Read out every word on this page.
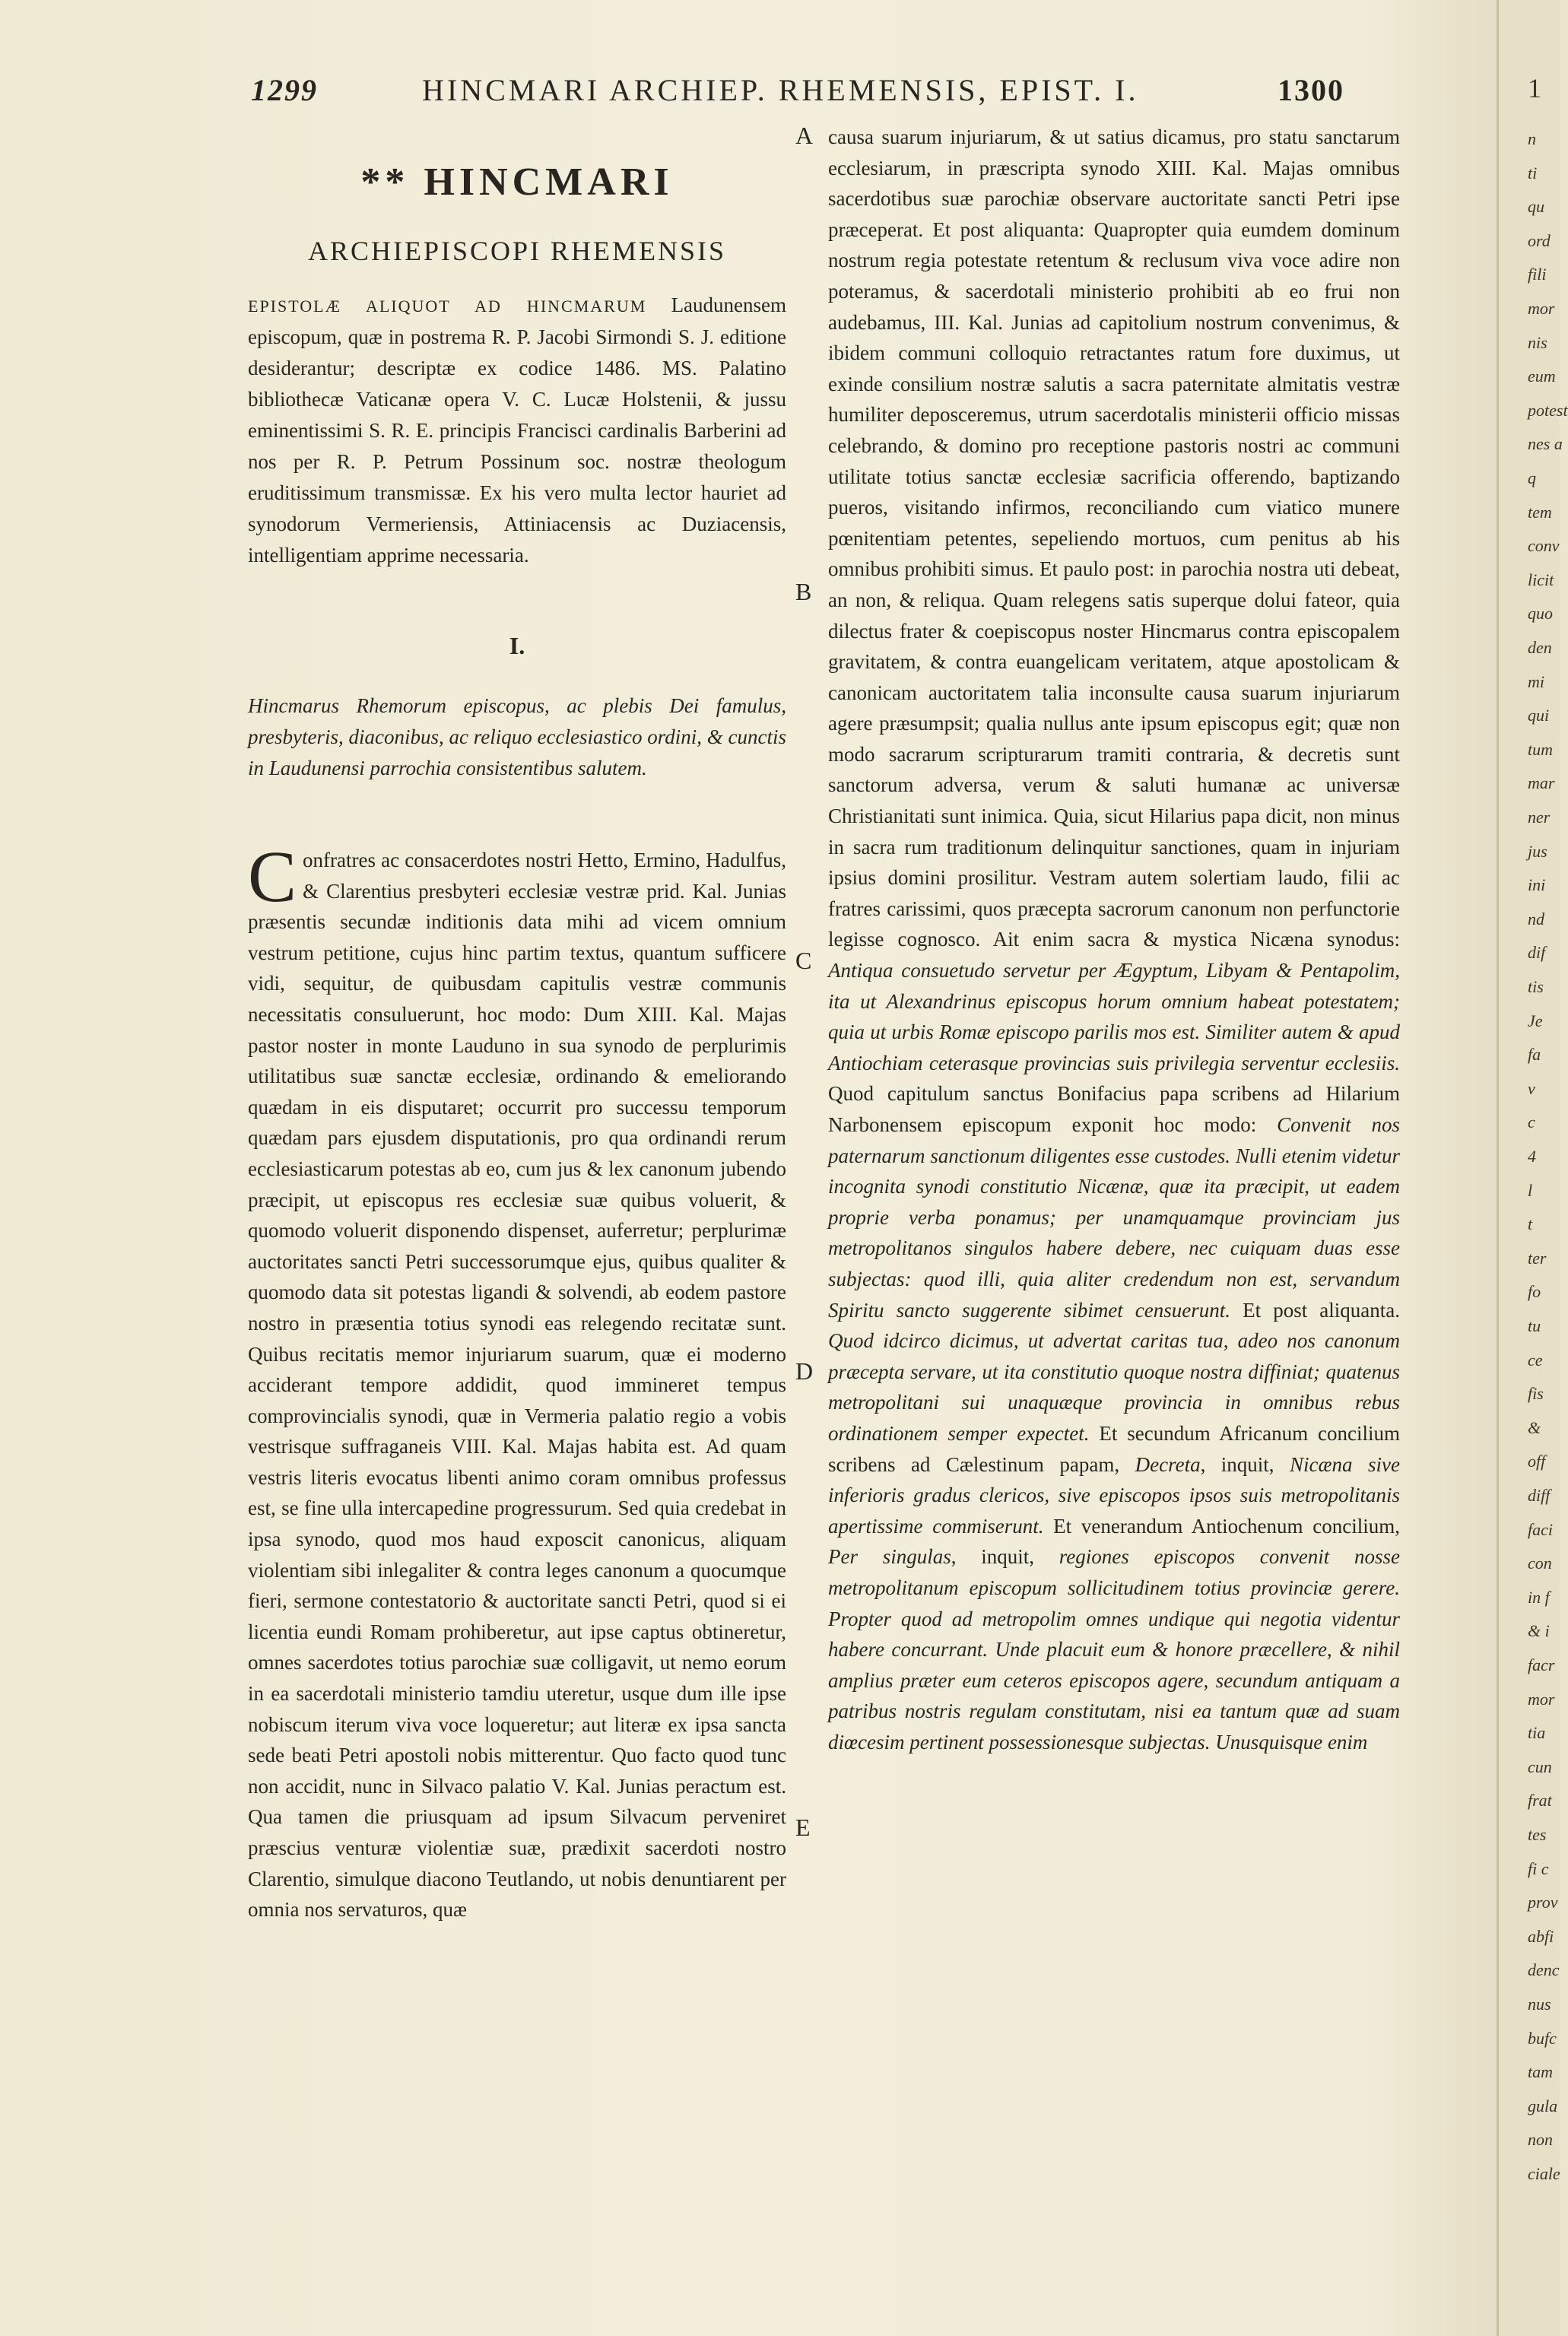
1299	HINCMARI ARCHIEP. RHEMENSIS, EPIST. I.	1300
** HINCMARI
ARCHIEPISCOPI RHEMENSIS

EPISTOLÆ ALIQUOT AD HINCMARUM Laudunensem episcopum, quæ in postrema R. P. Jacobi Sirmondi S. J. editione desiderantur; descriptæ ex codice 1486. MS. Palatino bibliothecæ Vaticanæ opera V. C. Lucæ Holstenii, & jussu eminentissimi S. R. E. principis Francisci cardinalis Barberini ad nos per R. P. Petrum Possinum soc. nostræ theologum eruditissimum transmissæ. Ex his vero multa lector hauriet ad synodorum Vermeriensis, Attiniacensis ac Duziacensis, intelligentiam apprime necessaria.

I.

Hincmarus Rhemorum episcopus, ac plebis Dei famulus, presbyteris, diaconibus, ac reliquo ecclesiastico ordini, & cunctis in Laudunensi parrochia consistentibus salutem.

C onfratres ac consacerdotes nostri Hetto, Ermino, Hadulfus, & Clarentius presbyteri ecclesiæ vestræ prid. Kal. Junias præsentis secundæ inditionis data mihi ad vicem omnium vestrum petitione, cujus hinc partim textus, quantum sufficere vidi, sequitur, de quibusdam capitulis vestræ communis necessitatis consuluerunt, hoc modo: Dum XIII. Kal. Majas pastor noster in monte Lauduno in sua synodo de perplurimis utilitatibus suæ sanctæ ecclesiæ, ordinando & emeliorando quædam in eis disputaret; occurrit pro successu temporum quædam pars ejusdem disputationis, pro qua ordinandi rerum ecclesiasticarum potestas ab eo, cum jus & lex canonum jubendo præcipit, ut episcopus res ecclesiæ suæ quibus voluerit, & quomodo voluerit disponendo dispenset, auferretur; perplurimæ auctoritates sancti Petri successorumque ejus, quibus qualiter & quomodo data sit potestas ligandi & solvendi, ab eodem pastore nostro in præsentia totius synodi eas relegendo recitatæ sunt. Quibus recitatis memor injuriarum suarum, quæ ei moderno acciderant tempore addidit, quod immineret tempus comprovincialis synodi, quæ in Vermeria palatio regio a vobis vestrisque suffraganeis VIII. Kal. Majas habita est. Ad quam vestris literis evocatus libenti animo coram omnibus professus est, se fine ulla intercapedine progressurum. Sed quia credebat in ipsa synodo, quod mos haud exposcit canonicus, aliquam violentiam sibi inlegaliter & contra leges canonum a quocumque fieri, sermone contestatorio & auctoritate sancti Petri, quod si ei licentia eundi Romam prohiberetur, aut ipse captus obtineretur, omnes sacerdotes totius parochiæ suæ colligavit, ut nemo eorum in ea sacerdotali ministerio tamdiu uteretur, usque dum ille ipse nobiscum iterum viva voce loqueretur; aut literæ ex ipsa sancta sede beati Petri apostoli nobis mitterentur. Quo facto quod tunc non accidit, nunc in Silvaco palatio V. Kal. Junias peractum est. Qua tamen die priusquam ad ipsum Silvacum perveniret præscius venturæ violentiæ suæ, prædixit sacerdoti nostro Clarentio, simulque diacono Teutlando, ut nobis denuntiarent per omnia nos servaturos, quæ

A
B
C
D
E

causa suarum injuriarum, & ut satius dicamus, pro statu sanctarum ecclesiarum, in præscripta synodo XIII. Kal. Majas omnibus sacerdotibus suæ parochiæ observare auctoritate sancti Petri ipse præceperat. Et post aliquanta: Quapropter quia eumdem dominum nostrum regia potestate retentum & reclusum viva voce adire non poteramus, & sacerdotali ministerio prohibiti ab eo frui non audebamus, III. Kal. Junias ad capitolium nostrum convenimus, & ibidem communi colloquio retractantes ratum fore duximus, ut exinde consilium nostræ salutis a sacra paternitate almitatis vestræ humiliter deposceremus, utrum sacerdotalis ministerii officio missas celebrando, & domino pro receptione pastoris nostri ac communi utilitate totius sanctæ ecclesiæ sacrificia offerendo, baptizando pueros, visitando infirmos, reconciliando cum viatico munere pœnitentiam petentes, sepeliendo mortuos, cum penitus ab his omnibus prohibiti simus. Et paulo post: in parochia nostra uti debeat, an non, & reliqua. Quam relegens satis superque dolui fateor, quia dilectus frater & coepiscopus noster Hincmarus contra episcopalem gravitatem, & contra euangelicam veritatem, atque apostolicam & canonicam auctoritatem talia inconsulte causa suarum injuriarum agere præsumpsit; qualia nullus ante ipsum episcopus egit; quæ non modo sacrarum scripturarum tramiti contraria, & decretis sunt sanctorum adversa, verum & saluti humanæ ac universæ Christianitati sunt inimica. Quia, sicut Hilarius papa dicit, non minus in sacra rum traditionum delinquitur sanctiones, quam in injuriam ipsius domini prosilitur. Vestram autem solertiam laudo, filii ac fratres carissimi, quos præcepta sacrorum canonum non perfunctorie legisse cognosco. Ait enim sacra & mystica Nicæna synodus: Antiqua consuetudo servetur per Ægyptum, Libyam & Pentapolim, ita ut Alexandrinus episcopus horum omnium habeat potestatem; quia ut urbis Romæ episcopo parilis mos est. Similiter autem & apud Antiochiam ceterasque provincias suis privilegia serventur ecclesiis. Quod capitulum sanctus Bonifacius papa scribens ad Hilarium Narbonensem episcopum exponit hoc modo: Convenit nos paternarum sanctionum diligentes esse custodes. Nulli etenim videtur incognita synodi constitutio Nicænæ, quæ ita præcipit, ut eadem proprie verba ponamus; per unamquamque provinciam jus metropolitanos singulos habere debere, nec cuiquam duas esse subjectas: quod illi, quia aliter credendum non est, servandum Spiritu sancto suggerente sibimet censuerunt. Et post aliquanta. Quod idcirco dicimus, ut advertat caritas tua, adeo nos canonum præcepta servare, ut ita constitutio quoque nostra diffiniat; quatenus metropolitani sui unaquæque provincia in omnibus rebus ordinationem semper expectet. Et secundum Africanum concilium scribens ad Cælestinum papam, Decreta, inquit, Nicæna sive inferioris gradus clericos, sive episcopos ipsos suis metropolitanis apertissime commiserunt. Et venerandum Antiochenum concilium, Per singulas, inquit, regiones episcopos convenit nosse metropolitanum episcopum sollicitudinem totius provinciæ gerere. Propter quod ad metropolim omnes undique qui negotia videntur habere concurrant. Unde placuit eum & honore præcellere, & nihil amplius præter eum ceteros episcopos agere, secundum antiquam a patribus nostris regulam constitutam, nisi ea tantum quæ ad suam diœcesim pertinent possessionesque subjectas. Unusquisque enim

1
n
ti
qu
ord
fili
mor
nis
eum
potest
nes a
q
tem
conv
licit
quo
den
mi
qui
tum
mar
ner
jus
ini
nd
dif
tis
Je
fa
v
c
4
l
t
ter
fo
tu
ce
fis
&
off
diff
faci
con
in f
& i
facr
mor
tia
cun
frat
tes
fi c
prov
abfi
denc
nus
bufc
tam
gula
non
ciale
